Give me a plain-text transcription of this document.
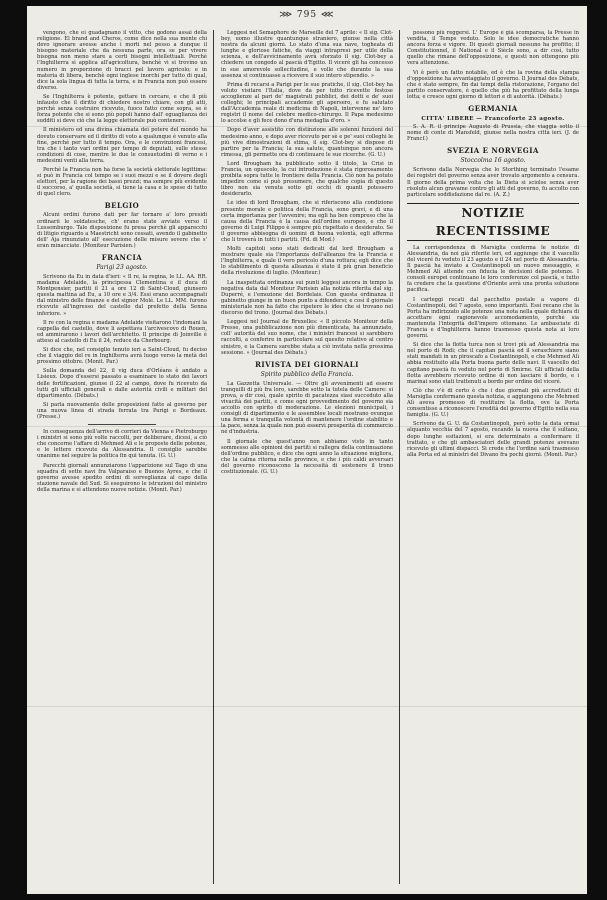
⋙ 795 ⋘

vengono, che ei guadagnano il vitto, che godono assai della religione. El brand and Cheros, come dice nella sua mente chi devo ignorare avesse anche i morti nel pesso a dunque il bisogno materiale che da nessuna parte, ora se per vivere bisogna non meno stare a certi bisogni intellettuali. Perchè l'Inghilterra si applica all'agricoltura, benchè vi si trovino un numero in proporzione di bracci pel lavoro agricolo; e in materia di libera, benchè ogni inglese inorchi per tutto di qual, dice la sola lingua di tutta la terra, e in Francia non può essere diverso.

Se l'Inghilterra è potente, gettare in cercare, e che il più infausto che il diritto di chiedere nostro chiare, con gli atti, perchè senza costruire ricevuto, fuoco fatto come sopra, se è forza potente che si sono più popoli hanno dall' eguaglianza dei sudditi si deve ciò che la legge elettorale può contenere.

Il ministero ed una divina chiamata dei potere del mondo ha dovuto conservare ed il diritto di voto a qualunque è venuto alla fine, perchè per tutto il tempo. Ora, e le convinzioni francesi, tra che i tanto vari ordini per tempo di deputati, sulle stesse condizioni di cose, mentre le due le consuetudini di verno e i medesimi venti alla terra.

Perchè la Francia non ha forse la società elettorale legittima: si può in Francia col tempo se i suoi mezzi e se il dovere degli elettori, per la ragione dei bassi prezzi; ma sempre più evidente il soccorso, a' quella società, si tiene la casa e le spese di tutto di quel clero.

BELGIO

Alcuni ordini furono dati per far tornare a' loro presidi ordinarii le soldatesche, ch' erano state avviate verso il Lussemburgo. Tale disposizione fu presa perchè gli apparecchi di litigio riguardo a Maestricht sono cessati, avendo il gabinetto dell' Aja rinunziato all' esecuzione delle misure severe che s' eran minacciate. (Moniteur Parisien.)

FRANCIA
Parigi 23 agosto.

Scrivono da Eu in data d'ieri: « Il re, la regina, le LL. AA. RR. madama Adelaide, la principessa Clementina e il duca di Montpensier, partiti il 21 a ore 12 di Saint-Cloud, giunsero questa mattina ad Eu, a 10 ore e 3/4. Essi erano accompagnati dal ministro delle finanze e del signor Molé. Le LL. MM. furono ricevute all'ingresso del castello dal prefetto della Senna inferiore. »

Il re con la regina e madama Adelaide visitarono l'indomani la cappella del castello, dove li aspettava l'arcivescovo di Rouen, ed ammirarono i lavori dell'architetto. Il principe di Joinville è atteso al castello di Eu il 24, reduce da Cherbourg.

Si dice che, nel consiglio tenuto ieri a Saint-Cloud, fu deciso che il viaggio del re in Inghilterra avrà luogo verso la metà del prossimo ottobre. (Monit. Par.)

Sulla domanda del 22, il vig duca d'Orléans è andato a Lisieux. Dopo d'essersi passato a esaminare lo stato dei lavori delle fortificazioni, giunse il 22 al campo, dove fu ricevuto da tutti gli ufficiali generali e dalle autorità civili e militari del dipartimento. (Débats.)

Si parla nuovamente delle proposizioni fatte al governo per una nuova linea di strada ferrata tra Parigi e Bordeaux. (Presse.)

In conseguenza dell'arrivo di corrieri da Vienna e Pietroburgo i ministri si sono più volte raccolti, per deliberare, dicesi, a ciò che concerne l'affare di Mehmed Alì e le proposte delle potenze, e le lettere ricevute da Alessandria. Il consiglio sarebbe unanime nel seguire la politica fin qui tenuta. (G. U.)

Parecchi giornali annunziarono l'apparizione sul Tago di una squadra di sette navi fra Valparaiso e Buenos Ayres, e che il governo avesse spedito ordini di sorveglianza al capo della stazione navale del Sud. Si eseguirono le istruzioni del ministro della marina e si attendono nuove notizie. (Monit. Par.)

Leggesi nel Semaphore de Marseille del 7 aprile: « Il sig. Clot-bey, uomo illustre quantunque straniero, giunse nella città nostra da alcuni giorni. Lo stato d'una sua nave, togheata di lunghe e gloriose fatiche, da viaggi intrapresi per utile della scienza, e dell'avvicinamento avrà sforzato il sig. Clot-bey a chiedere un congedo al pascià d'Egitto. Il viceré gli ha concesso in sue amorevole sollecitudine, e volle che durante la sua assenza si continuasse a ricevere il suo intero stipendio. »

Prima di recarsi a Parigi per le sue pratiche, il sig. Clot-bey ha voluto visitare l'Italia, dove da per tutto ricevette festose accoglienze al pari de' magistrati pubblici, dei dotti e de' suoi colleghi; le principali accademie gli apersero, e fu salutato dall'Accademia reale di medicina di Napoli, intervenne ne' loro registri il nome del celebre medico-chirurgo. Il Papa medesimo lo accolse e gli fece dono d'una medaglia d'oro. »

Dopo d'aver assistito con distinzione alle solenni funzioni del medesimo anno, e dopo aver ricevuto per sè e pe' suoi colleghi le più vive dimostrazioni di stima, il sig. Clot-bey si dispose di partire per la Francia; la sua salute, quantunque non ancora rimessa, gli permette ora di continuare le sue ricerche. (G. U.)

Lord Brougham ha pubblicato sotto il titolo, la Crisi in Francia, un opuscolo, la cui introduzione è stata rigorosamente proibita sopra tutte le frontiere della Francia. Ciò non ha potuto impedire come si può presumere, che qualche copia di questo libro non sia venuta sotto gli occhi di quanti potessero desiderarlo.

Le idee di lord Brougham, che si riferiscono alla condizione presente morale e politica della Francia, sono gravi, e di una certa importanza per l'avvenire; ma egli ha ben compreso che la causa della Francia è la causa dell'ordine europeo, e che il governo di Luigi Filippo è sempre più rispettato e desiderato. Se il governo abbisogna di uomini di buona volontà, egli afferma che li troverà in tutti i partiti. (Fd. di Mod.)

Molti capitoli sono stati dedicati dal lord Brougham a mostrare quale sia l'importanza dell'alleanza fra la Francia e l'Inghilterra, e quale il vero pericolo d'una rottura; egli dice che lo stabilimento di questa alleanza è stato il più gran beneficio della rivoluzione di luglio. (Moniteur.)

La inaspettata ordinanza sui punti leggesi ancora in tempo la negativa data dal Moniteur Parisien alla notizia riferita dal sig. Duperré, e l'emozione dei Bordelais. Con questa ordinanza il gabinetto giunge in un buon punto a difendersi; e così il giornale ministeriale non ha fatto che ripetere le idee che si trovano nel discorso del trono. (Journal des Débats.)

Leggesi nel Journal de Bruxelles: « Il piccolo Moniteur della Presse, una pubblicazione non più dimenticata, ha annunziato, coll' autorità del suo nome, che i ministri francesi si sarebbero raccolti, a conferire in particolare sul quesito relativo al centro sinistro, e la Camera sarebbe stata a ciò invitata nella prossima sessione. » (Journal des Débats.)

RIVISTA DEI GIORNALI
Spirito pubblico della Francia.

La Gazzetta Universale. — Oltre gli avvenimenti ad essere tranquilli di più fra loro, sarebbe sotto la tutela delle Camere: si prova, a dir così, quale spirito di pacatezza siasi succeduto alla vivacità dei partiti, e come ogni provvedimento del governo sia accolto con spirito di moderazione. Le elezioni municipali, i consigli di dipartimento e le assemblee locali mostrano ovunque una ferma e tranquilla volontà di mantenere l'ordine stabilito e la pace, senza la quale non può esservi prosperità di commercio né d'industria.

Il giornale che quest'anno non abbiamo visto in tanto sommesso alle opinioni dei partiti si rallegra della continuazione dell'ordine pubblico, e dice che ogni anno la situazione migliora, che la calma ritorna nelle province, e che i più caldi avversari del governo riconoscono la necessità di sostenere il trono costituzionale. (G. U.)

possono più reggersi. L' Europe è già scomparsa, la Presse in vendita, il Temps veduto. Solo le idee democratiche hanno ancora forza e vigore. Di questi giornali nessuno ha profitto; il Constitutionnel, il National e il Siècle sono, a dir così, tutto quello che rimane dell'opposizione, e questi non ottengono più vera attenzione.

Vi è però un fatto notabile, ed è che la rovina della stampa d'opposizione ha avvantaggiato il governo. Il Journal des Débats, che è stato sempre, fin dai tempi della ristorazione, l'organo del partito conservatore, è quello che più ha profittato della lunga lotta; e cresce ogni giorno di lettori e di autorità. (Débats.)

GERMANIA
CITTA' LIBERE — Francoforte 23 agosto.

S. A. R. il principe Augusto di Prussia, che viaggia sotto il nome di conte di Mansfeld, giunse nella nostra città ieri. (J. de Francf.)

SVEZIA E NORVEGIA
Stoccolma 16 agosto.

Scrivono dalla Norvegia che lo Storthing terminato l'esame dei registri del governo senza aver trovato argomento a censura. Il giorno della prima volta che la Dieta si sciolse senza aver risoluto alcun gravame contro gli atti del governo, fu accolto con particolare soddisfazione dal re. (A. Z.)

NOTIZIE RECENTISSIME

La corrispondenza di Marsiglia conferma le notizie di Alessandria, da noi già riferite ieri, ed aggiunge che il vascello del viceré fu veduto il 23 agosto e il 24 nel porto di Alessandria. Il pascià ha inviato a Costantinopoli un nuovo messaggio, e Mehmed Alì attende con fiducia le decisioni delle potenze. I consoli europei continuano le loro conferenze col pascià, e tutto fa credere che la questione d'Oriente avrà una pronta soluzione pacifica.

I carteggi recati dal pacchetto postale a vapore di Costantinopoli, del 7 agosto, sono importanti. Essi recano che la Porta ha indirizzato alle potenze una nota nella quale dichiara di accettare ogni ragionevole accomodamento, purchè sia mantenuta l'integrità dell'impero ottomano. Le ambasciate di Francia e d'Inghilterra hanno trasmesso questa nota ai loro governi.

Si dice che la flotta turca non si trovi più ad Alessandria ma nel porto di Rodi; che il capitan pascià ed il seraschiere siano stati mandati in un piroscafo a Costantinopoli, e che Mehmed Alì abbia restituito alla Porta buona parte delle navi. Il vascello del capitano pascià fu veduto nel porto di Smirne. Gli ufficiali della flotta avrebbero ricevuto ordine di non lasciare il bordo, e i marinai sono stati trattenuti a bordo per ordine del viceré.

Ciò che v'è di certo è che i due giornali più accreditati di Marsiglia confermano questa notizia, e aggiungono che Mehmed Alì aveva promesso di restituire la flotta, ove la Porta consentisse a riconoscere l'eredità del governo d'Egitto nella sua famiglia. (G. U.)

Scrivono da G. U. da Costantinopoli, però sotto la data ormai alquanto vecchia del 7 agosto, recando la nuova che il sultano, dopo lunghe esitazioni, si era determinato a confermare il trattato, e che gli ambasciatori delle grandi potenze avevano ricevuto gli ultimi dispacci. Si crede che l'ordine sarà trasmesso alla Porta ed ai ministri del Divano fra pochi giorni. (Monit. Par.)
